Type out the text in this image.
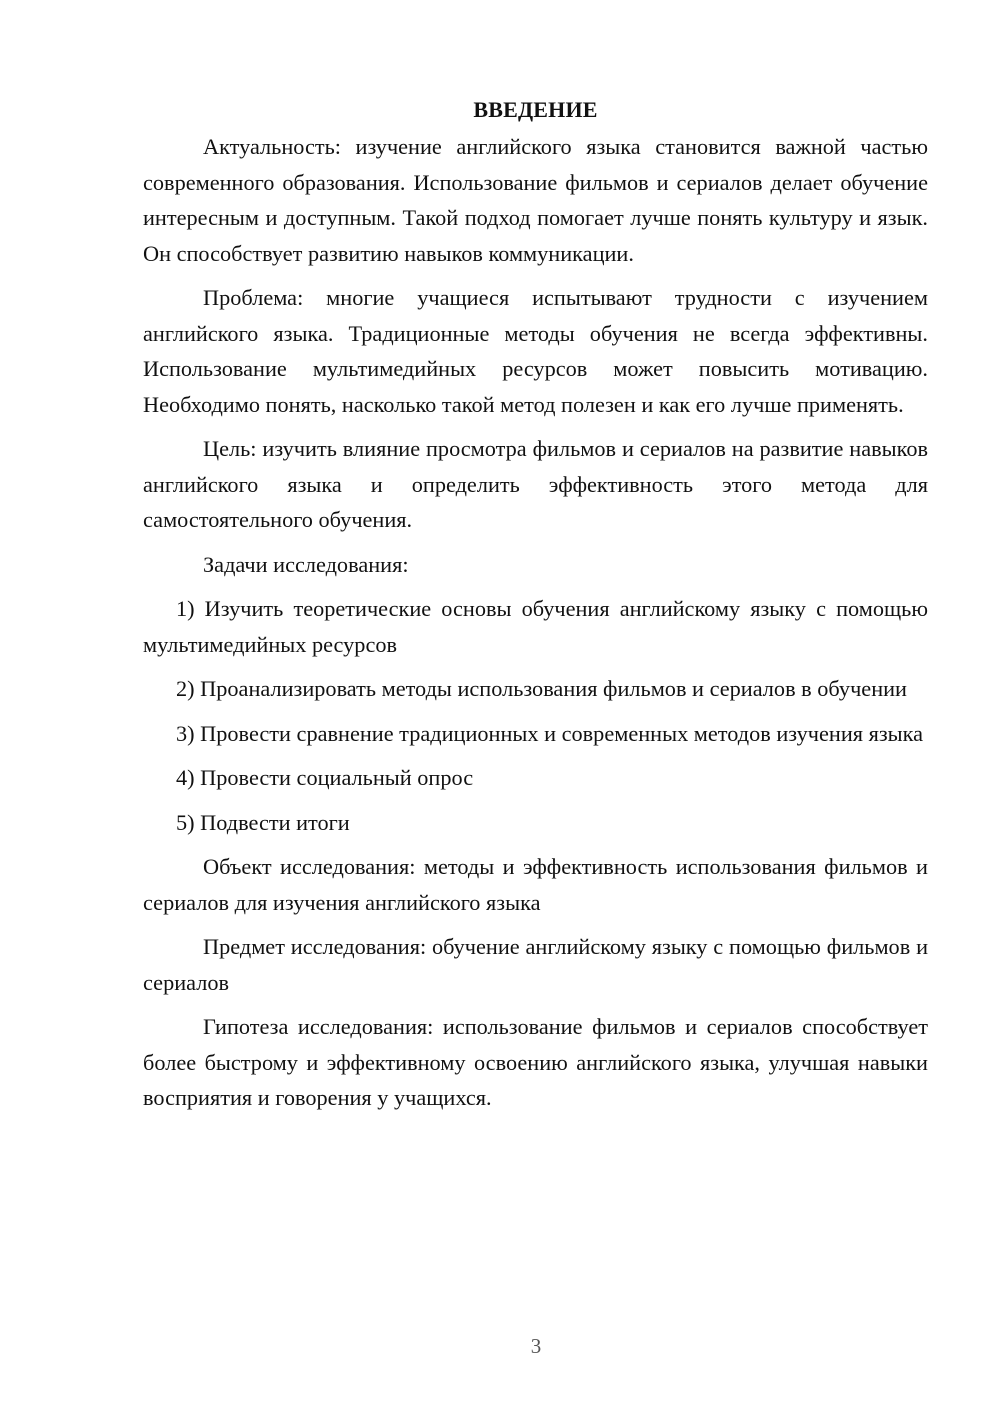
ВВЕДЕНИЕ

Актуальность: изучение английского языка становится важной частью современного образования. Использование фильмов и сериалов делает обучение интересным и доступным. Такой подход помогает лучше понять культуру и язык. Он способствует развитию навыков коммуникации.

Проблема: многие учащиеся испытывают трудности с изучением английского языка. Традиционные методы обучения не всегда эффективны. Использование мультимедийных ресурсов может повысить мотивацию. Необходимо понять, насколько такой метод полезен и как его лучше применять.

Цель: изучить влияние просмотра фильмов и сериалов на развитие навыков английского языка и определить эффективность этого метода для самостоятельного обучения.

Задачи исследования:

1) Изучить теоретические основы обучения английскому языку с помощью мультимедийных ресурсов

2) Проанализировать методы использования фильмов и сериалов в обучении

3) Провести сравнение традиционных и современных методов изучения языка

4) Провести социальный опрос

5) Подвести итоги

Объект исследования: методы и эффективность использования фильмов и сериалов для изучения английского языка

Предмет исследования: обучение английскому языку с помощью фильмов и сериалов

Гипотеза исследования: использование фильмов и сериалов способствует более быстрому и эффективному освоению английского языка, улучшая навыки восприятия и говорения у учащихся.

3
